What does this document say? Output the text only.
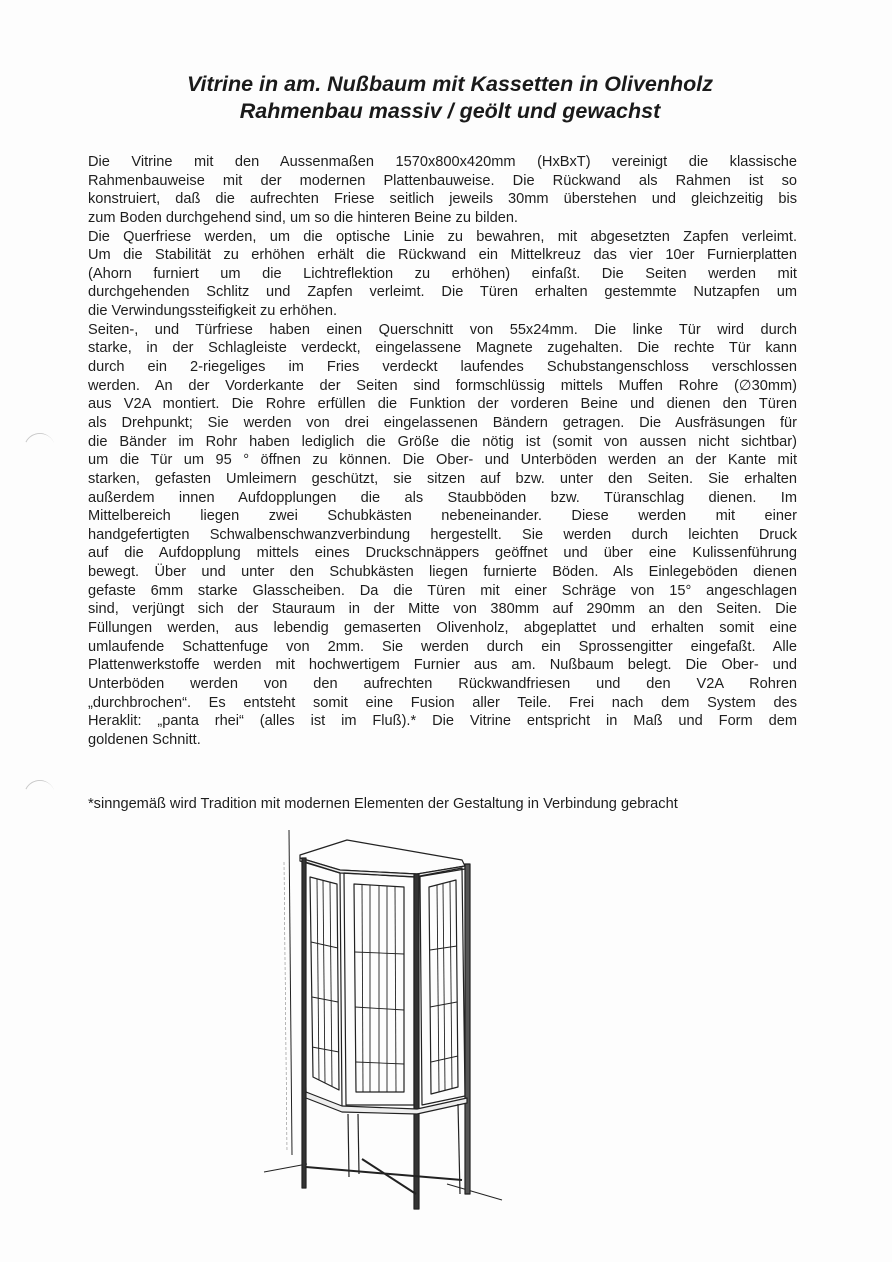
Vitrine in am. Nußbaum mit Kassetten in Olivenholz
Rahmenbau massiv / geölt und gewachst
Die Vitrine mit den Aussenmaßen 1570x800x420mm (HxBxT) vereinigt die klassische
Rahmenbauweise mit der modernen Plattenbauweise. Die Rückwand als Rahmen ist so
konstruiert, daß die aufrechten Friese seitlich jeweils 30mm überstehen und gleichzeitig bis
zum Boden durchgehend sind, um so die hinteren Beine zu bilden.
Die Querfriese werden, um die optische Linie zu bewahren, mit abgesetzten Zapfen verleimt.
Um die Stabilität zu erhöhen erhält die Rückwand ein Mittelkreuz das vier 10er Furnierplatten
(Ahorn furniert um die Lichtreflektion zu erhöhen) einfaßt. Die Seiten werden mit
durchgehenden Schlitz und Zapfen verleimt. Die Türen erhalten gestemmte Nutzapfen um
die Verwindungssteifigkeit zu erhöhen.
Seiten-, und Türfriese haben einen Querschnitt von 55x24mm. Die linke Tür wird durch
starke, in der Schlagleiste verdeckt, eingelassene Magnete zugehalten. Die rechte Tür kann
durch ein 2-riegeliges im Fries verdeckt laufendes Schubstangenschloss verschlossen
werden. An der Vorderkante der Seiten sind formschlüssig mittels Muffen Rohre (∅30mm)
aus V2A montiert. Die Rohre erfüllen die Funktion der vorderen Beine und dienen den Türen
als Drehpunkt; Sie werden von drei eingelassenen Bändern getragen. Die Ausfräsungen für
die Bänder im Rohr haben lediglich die Größe die nötig ist (somit von aussen nicht sichtbar)
um die Tür um 95 ° öffnen zu können. Die Ober- und Unterböden werden an der Kante mit
starken, gefasten Umleimern geschützt, sie sitzen auf bzw. unter den Seiten. Sie erhalten
außerdem innen Aufdopplungen die als Staubböden bzw. Türanschlag dienen. Im
Mittelbereich liegen zwei Schubkästen nebeneinander. Diese werden mit einer
handgefertigten Schwalbenschwanzverbindung hergestellt. Sie werden durch leichten Druck
auf die Aufdopplung mittels eines Druckschnäppers geöffnet und über eine Kulissenführung
bewegt. Über und unter den Schubkästen liegen furnierte Böden. Als Einlegeböden dienen
gefaste 6mm starke Glasscheiben. Da die Türen mit einer Schräge von 15° angeschlagen
sind, verjüngt sich der Stauraum in der Mitte von 380mm auf 290mm an den Seiten. Die
Füllungen werden, aus lebendig gemaserten Olivenholz, abgeplattet und erhalten somit eine
umlaufende Schattenfuge von 2mm. Sie werden durch ein Sprossengitter eingefaßt. Alle
Plattenwerkstoffe werden mit hochwertigem Furnier aus am. Nußbaum belegt. Die Ober- und
Unterböden werden von den aufrechten Rückwandfriesen und den V2A Rohren
„durchbrochen“. Es entsteht somit eine Fusion aller Teile. Frei nach dem System des
Heraklit: „panta rhei“ (alles ist im Fluß).* Die Vitrine entspricht in Maß und Form dem
goldenen Schnitt.
*sinngemäß wird Tradition mit modernen Elementen der Gestaltung in Verbindung gebracht
